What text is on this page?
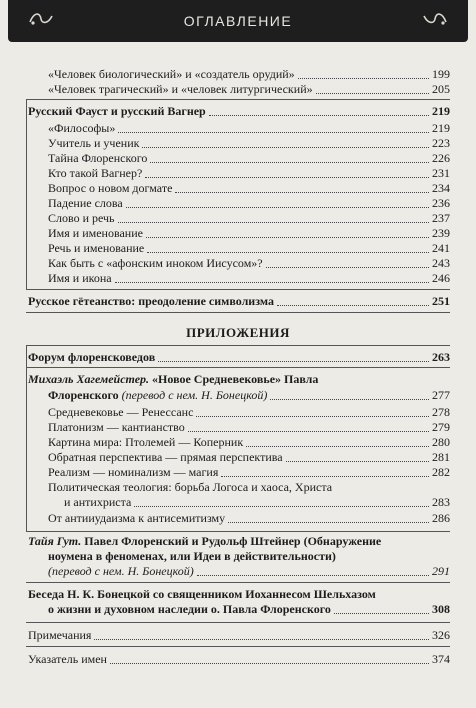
ОГЛАВЛЕНИЕ
«Человек биологический» и «создатель орудий»	199
«Человек трагический» и «человек литургический»	205
Русский Фауст и русский Вагнер	219
«Философы»	219
Учитель и ученик	223
Тайна Флоренского	226
Кто такой Вагнер?	231
Вопрос о новом догмате	234
Падение слова	236
Слово и речь	237
Имя и именование	239
Речь и именование	241
Как быть с «афонским иноком Иисусом»?	243
Имя и икона	246
Русское гётеанство: преодоление символизма	251
ПРИЛОЖЕНИЯ
Форум флоренсковедов	263
Михаэль Хагемейстер. «Новое Средневековье» Павла
Флоренского (перевод с нем. Н. Бонецкой)	277
Средневековье — Ренессанс	278
Платонизм — кантианство	279
Картина мира: Птолемей — Коперник	280
Обратная перспектива — прямая перспектива	281
Реализм — номинализм — магия	282
Политическая теология: борьба Логоса и хаоса, Христа
и антихриста	283
От антииудаизма к антисемитизму	286
Тайя Гут. Павел Флоренский и Рудольф Штейнер (Обнаружение
ноумена в феноменах, или Идеи в действительности)
(перевод с нем. Н. Бонецкой)	291
Беседа Н. К. Бонецкой со священником Иоханнесом Шельхазом
о жизни и духовном наследии о. Павла Флоренского	308
Примечания	326
Указатель имен	374
